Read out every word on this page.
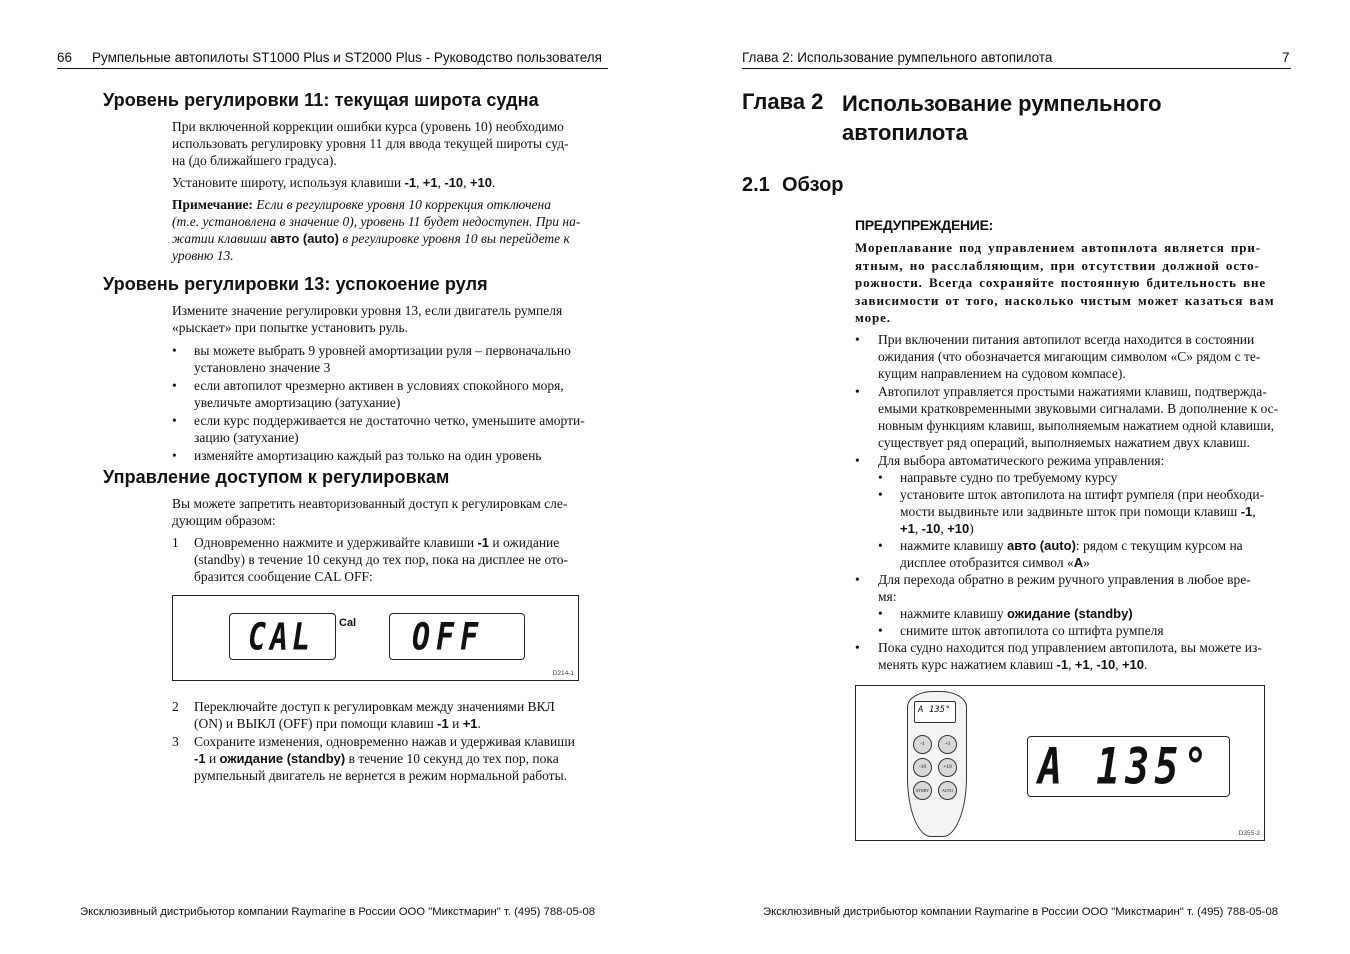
66 Румпельные автопилоты ST1000 Plus и ST2000 Plus - Руководство пользователя
Уровень регулировки 11: текущая широта судна
При включенной коррекции ошибки курса (уровень 10) необходимо
использовать регулировку уровня 11 для ввода текущей широты суд-
на (до ближайшего градуса).
Установите широту, используя клавиши -1, +1, -10, +10.
Примечание: Если в регулировке уровня 10 коррекция отключена
(т.е. установлена в значение 0), уровень 11 будет недоступен. При на-
жатии клавиши авто (auto) в регулировке уровня 10 вы перейдете к
уровню 13.
Уровень регулировки 13: успокоение руля
Измените значение регулировки уровня 13, если двигатель румпеля
«рыскает» при попытке установить руль.
• вы можете выбрать 9 уровней амортизации руля – первоначально
установлено значение 3
• если автопилот чрезмерно активен в условиях спокойного моря,
увеличьте амортизацию (затухание)
• если курс поддерживается не достаточно четко, уменьшите аморти-
зацию (затухание)
• изменяйте амортизацию каждый раз только на один уровень
Управление доступом к регулировкам
Вы можете запретить неавторизованный доступ к регулировкам сле-
дующим образом:
1 Одновременно нажмите и удерживайте клавиши -1 и ожидание
(standby) в течение 10 секунд до тех пор, пока на дисплее не ото-
бразится сообщение CAL OFF:
CAL Cal OFF
D214-1
2 Переключайте доступ к регулировкам между значениями ВКЛ
(ON) и ВЫКЛ (OFF) при помощи клавиш -1 и +1.
3 Сохраните изменения, одновременно нажав и удерживая клавиши
-1 и ожидание (standby) в течение 10 секунд до тех пор, пока
румпельный двигатель не вернется в режим нормальной работы.
Эксклюзивный дистрибьютор компании Raymarine в России ООО "Микстмарин" т. (495) 788-05-08
Глава 2: Использование румпельного автопилота	7
Глава 2 Использование румпельного
автопилота
2.1 Обзор
ПРЕДУПРЕЖДЕНИЕ:
Мореплавание под управлением автопилота является при-
ятным, но расслабляющим, при отсутствии должной осто-
рожности. Всегда сохраняйте постоянную бдительность вне
зависимости от того, насколько чистым может казаться вам
море.
• При включении питания автопилот всегда находится в состоянии
ожидания (что обозначается мигающим символом «С» рядом с те-
кущим направлением на судовом компасе).
• Автопилот управляется простыми нажатиями клавиш, подтвержда-
емыми кратковременными звуковыми сигналами. В дополнение к ос-
новным функциям клавиш, выполняемым нажатием одной клавиши,
существует ряд операций, выполняемых нажатием двух клавиш.
• Для выбора автоматического режима управления:
• направьте судно по требуемому курсу
• установите шток автопилота на штифт румпеля (при необходи-
мости выдвиньте или задвиньте шток при помощи клавиш -1,
+1, -10, +10)
• нажмите клавишу авто (auto): рядом с текущим курсом на
дисплее отобразится символ «A»
• Для перехода обратно в режим ручного управления в любое вре-
мя:
• нажмите клавишу ожидание (standby)
• снимите шток автопилота со штифта румпеля
• Пока судно находится под управлением автопилота, вы можете из-
менять курс нажатием клавиш -1, +1, -10, +10.
A 135°
-1	+1
-10	+10
STDBY	AUTO A 135°
D355-2
Эксклюзивный дистрибьютор компании Raymarine в России ООО "Микстмарин" т. (495) 788-05-08
